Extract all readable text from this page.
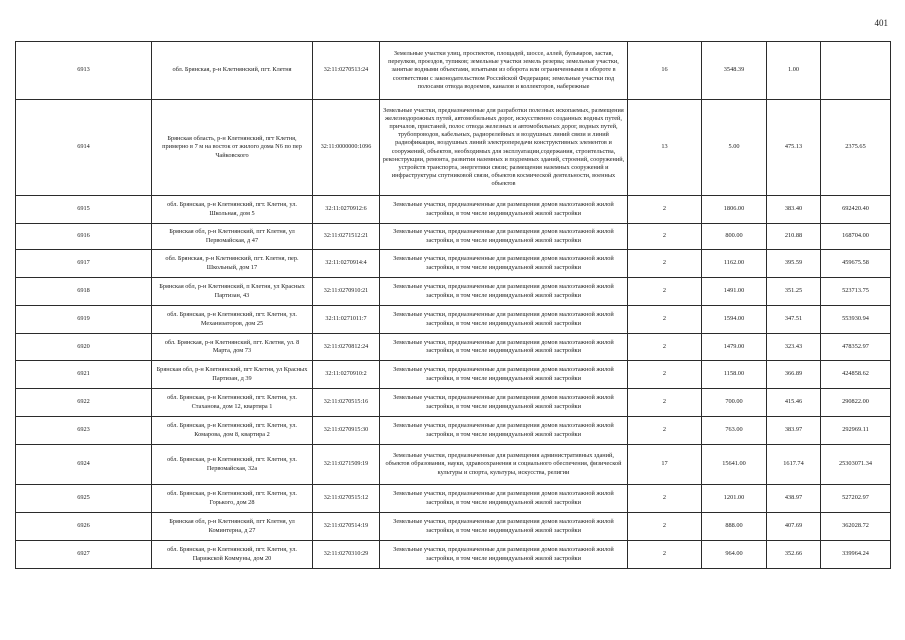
401
6913	обл. Брянская, р-н Клетнянский, пгт. Клетня	32:11:0270513:24	Земельные участки улиц, проспектов, площадей, шоссе, аллей, бульваров, застав, переулков, проездов, тупиков; земельные участки земель резерва; земельные участки, занятые водными объектами, изъятыми из оборота или ограниченными в обороте в соответствии с законодательством Российской Федерации; земельные участки под полосами отвода водоемов, каналов и коллекторов, набережные	16	3548.39	1.00	
6914	Брянская область, р-н Клетнянский, пгт Клетня, примерно в 7 м на восток от жилого дома N6 по пер Чайковского	32:11:0000000:1096	Земельные участки, предназначенные для разработки полезных ископаемых, размещения железнодорожных путей, автомобильных дорог, искусственно созданных водных путей, причалов, пристаней, полос отвода железных и автомобильных дорог, водных путей, трубопроводов, кабельных, радиорелейных и воздушных линий связи и линий радиофикации, воздушных линий электропередачи конструктивных элементов и сооружений, объектов, необходимых для эксплуатации,содержания, строительства, реконструкции, ремонта, развития наземных и подземных зданий, строений, сооружений, устройств транспорта, энергетики связи; размещения наземных сооружений и инфраструктуры спутниковой связи, объектов космической деятельности, военных объектов	13	5.00	475.13	2375.65
6915	обл. Брянская, р-н Клетнянский, пгт. Клетня, ул. Школьная, дом 5	32:11:0270912:6	Земельные участки, предназначенные для размещения домов малоэтажной жилой застройки, в том числе индивидуальной жилой застройки	2	1806.00	383.40	692420.40
6916	Брянская обл, р-н Клетнянский, пгт Клетня, ул Первомайская, д 47	32:11:0271512:21	Земельные участки, предназначенные для размещения домов малоэтажной жилой застройки, в том числе индивидуальной жилой застройки	2	800.00	210.88	168704.00
6917	обл. Брянская, р-н Клетнянский, пгт. Клетня, пер. Школьный, дом 17	32:11:0270914:4	Земельные участки, предназначенные для размещения домов малоэтажной жилой застройки, в том числе индивидуальной жилой застройки	2	1162.00	395.59	459675.58
6918	Брянская обл, р-н Клетнянский, п Клетня, ул Красных Партизан, 43	32:11:0270910:21	Земельные участки, предназначенные для размещения домов малоэтажной жилой застройки, в том числе индивидуальной жилой застройки	2	1491.00	351.25	523713.75
6919	обл. Брянская, р-н Клетнянский, пгт. Клетня, ул. Механизаторов, дом 25	32:11:0271011:7	Земельные участки, предназначенные для размещения домов малоэтажной жилой застройки, в том числе индивидуальной жилой застройки	2	1594.00	347.51	553930.94
6920	обл. Брянская, р-н Клетнянский, пгт. Клетня, ул. 8 Марта, дом 73	32:11:0270812:24	Земельные участки, предназначенные для размещения домов малоэтажной жилой застройки, в том числе индивидуальной жилой застройки	2	1479.00	323.43	478352.97
6921	Брянская обл, р-н Клетнянский, пгт Клетня, ул Красных Партизан, д 39	32:11:0270910:2	Земельные участки, предназначенные для размещения домов малоэтажной жилой застройки, в том числе индивидуальной жилой застройки	2	1158.00	366.89	424858.62
6922	обл. Брянская, р-н Клетнянский, пгт. Клетня, ул. Стаханова, дом 12, квартира 1	32:11:0270515:16	Земельные участки, предназначенные для размещения домов малоэтажной жилой застройки, в том числе индивидуальной жилой застройки	2	700.00	415.46	290822.00
6923	обл. Брянская, р-н Клетнянский, пгт. Клетня, ул. Комарова, дом 8, квартира 2	32:11:0270915:30	Земельные участки, предназначенные для размещения домов малоэтажной жилой застройки, в том числе индивидуальной жилой застройки	2	763.00	383.97	292969.11
6924	обл. Брянская, р-н Клетнянский, пгт. Клетня, ул. Первомайская, 32а	32:11:0271509:19	Земельные участки, предназначенные для размещения административных зданий, объектов образования, науки, здравоохранения и социального обеспечения, физической культуры и спорта, культуры, искусства, религии	17	15641.00	1617.74	25303071.34
6925	обл. Брянская, р-н Клетнянский, пгт. Клетня, ул. Горького, дом 28	32:11:0270515:12	Земельные участки, предназначенные для размещения домов малоэтажной жилой застройки, в том числе индивидуальной жилой застройки	2	1201.00	438.97	527202.97
6926	Брянская обл, р-н Клетнянский, пгт Клетня, ул Коминтерна, д 27	32:11:0270514:19	Земельные участки, предназначенные для размещения домов малоэтажной жилой застройки, в том числе индивидуальной жилой застройки	2	888.00	407.69	362028.72
6927	обл. Брянская, р-н Клетнянский, пгт. Клетня, ул. Парижской Коммуны, дом 20	32:11:0270310:29	Земельные участки, предназначенные для размещения домов малоэтажной жилой застройки, в том числе индивидуальной жилой застройки	2	964.00	352.66	339964.24
